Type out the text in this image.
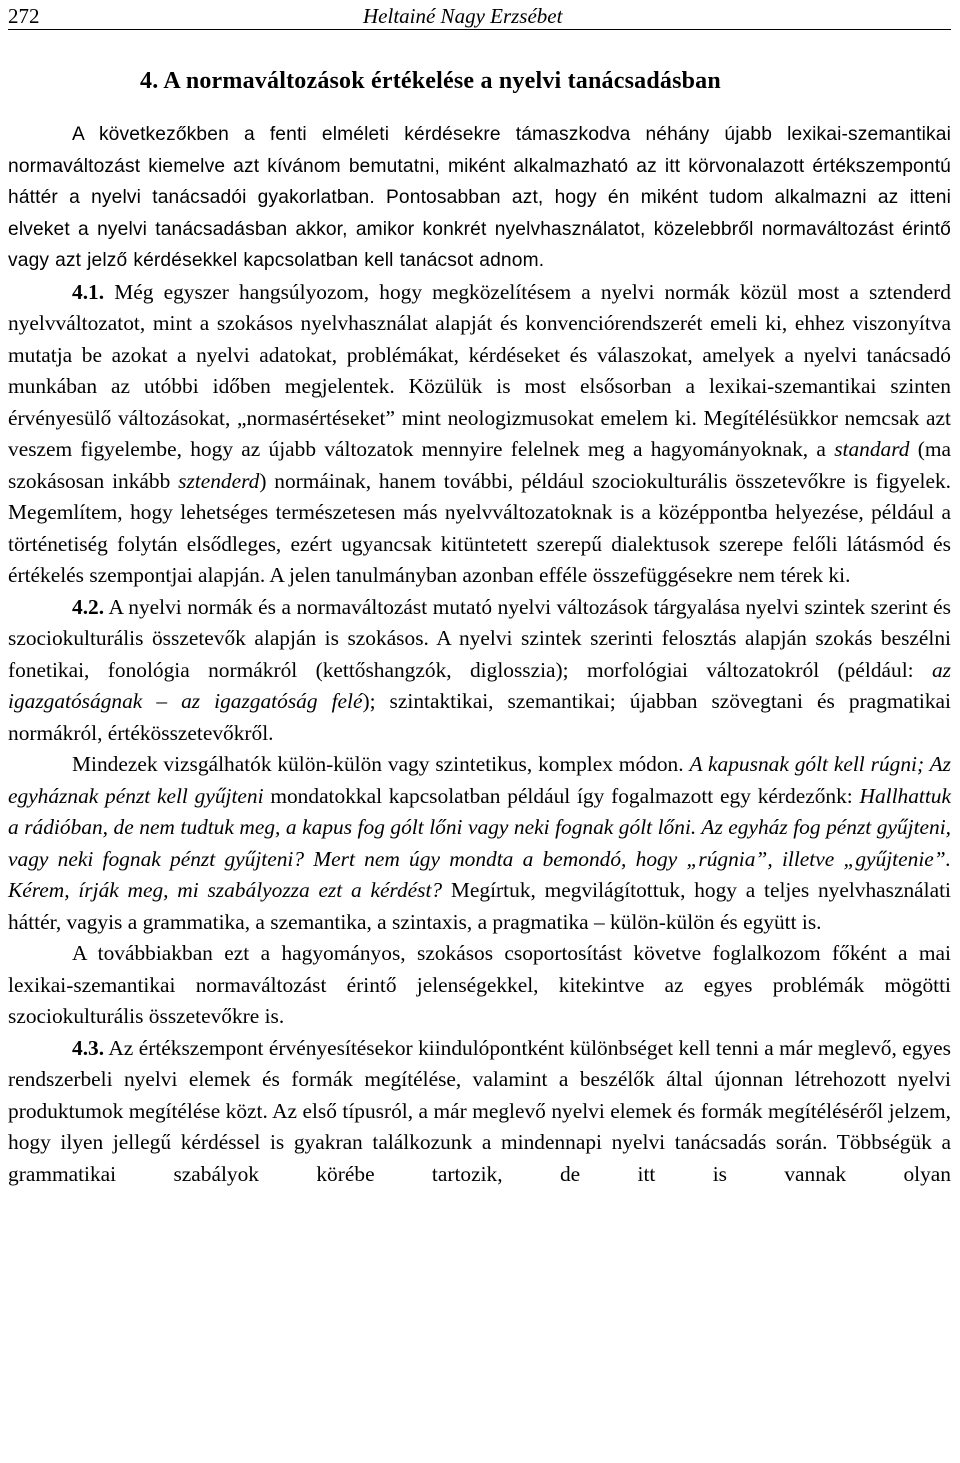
272	Heltainé Nagy Erzsébet
4. A normaváltozások értékelése a nyelvi tanácsadásban

A következőkben a fenti elméleti kérdésekre támaszkodva néhány újabb lexikai-szemantikai normaváltozást kiemelve azt kívánom bemutatni, miként alkalmazható az itt körvonalazott értékszempontú háttér a nyelvi tanácsadói gyakorlatban. Pontosabban azt, hogy én miként tudom alkalmazni az itteni elveket a nyelvi tanácsadásban akkor, amikor konkrét nyelvhasználatot, közelebbről normaváltozást érintő vagy azt jelző kérdésekkel kapcsolatban kell tanácsot adnom.

4.1. Még egyszer hangsúlyozom, hogy megközelítésem a nyelvi normák közül most a sztenderd nyelvváltozatot, mint a szokásos nyelvhasználat alapját és konvenciórendszerét emeli ki, ehhez viszonyítva mutatja be azokat a nyelvi adatokat, problémákat, kérdéseket és válaszokat, amelyek a nyelvi tanácsadó munkában az utóbbi időben megjelentek. Közülük is most elsősorban a lexikai-szemantikai szinten érvényesülő változásokat, „normasértéseket” mint neologizmusokat emelem ki. Megítélésükkor nemcsak azt veszem figyelembe, hogy az újabb változatok mennyire felelnek meg a hagyományoknak, a standard (ma szokásosan inkább sztenderd) normáinak, hanem további, például szociokulturális összetevőkre is figyelek. Megemlítem, hogy lehetséges természetesen más nyelvváltozatoknak is a középpontba helyezése, például a történetiség folytán elsődleges, ezért ugyancsak kitüntetett szerepű dialektusok szerepe felőli látásmód és értékelés szempontjai alapján. A jelen tanulmányban azonban efféle összefüggésekre nem térek ki.

4.2. A nyelvi normák és a normaváltozást mutató nyelvi változások tárgyalása nyelvi szintek szerint és szociokulturális összetevők alapján is szokásos. A nyelvi szintek szerinti felosztás alapján szokás beszélni fonetikai, fonológia normákról (kettőshangzók, diglosszia); morfológiai változatokról (például: az igazgatóságnak – az igazgatóság felé); szintaktikai, szemantikai; újabban szövegtani és pragmatikai normákról, értékösszetevőkről.

Mindezek vizsgálhatók külön-külön vagy szintetikus, komplex módon. A kapusnak gólt kell rúgni; Az egyháznak pénzt kell gyűjteni mondatokkal kapcsolatban például így fogalmazott egy kérdezőnk: Hallhattuk a rádióban, de nem tudtuk meg, a kapus fog gólt lőni vagy neki fognak gólt lőni. Az egyház fog pénzt gyűjteni, vagy neki fognak pénzt gyűjteni? Mert nem úgy mondta a bemondó, hogy „rúgnia”, illetve „gyűjtenie”. Kérem, írják meg, mi szabályozza ezt a kérdést? Megírtuk, megvilágítottuk, hogy a teljes nyelvhasználati háttér, vagyis a grammatika, a szemantika, a szintaxis, a pragmatika – külön-külön és együtt is.

A továbbiakban ezt a hagyományos, szokásos csoportosítást követve foglalkozom főként a mai lexikai-szemantikai normaváltozást érintő jelenségekkel, kitekintve az egyes problémák mögötti szociokulturális összetevőkre is.

4.3. Az értékszempont érvényesítésekor kiindulópontként különbséget kell tenni a már meglevő, egyes rendszerbeli nyelvi elemek és formák megítélése, valamint a beszélők által újonnan létrehozott nyelvi produktumok megítélése közt. Az első típusról, a már meglevő nyelvi elemek és formák megítéléséről jelzem, hogy ilyen jellegű kérdéssel is gyakran találkozunk a mindennapi nyelvi tanácsadás során. Többségük a grammatikai szabályok körébe tartozik, de itt is vannak olyan
